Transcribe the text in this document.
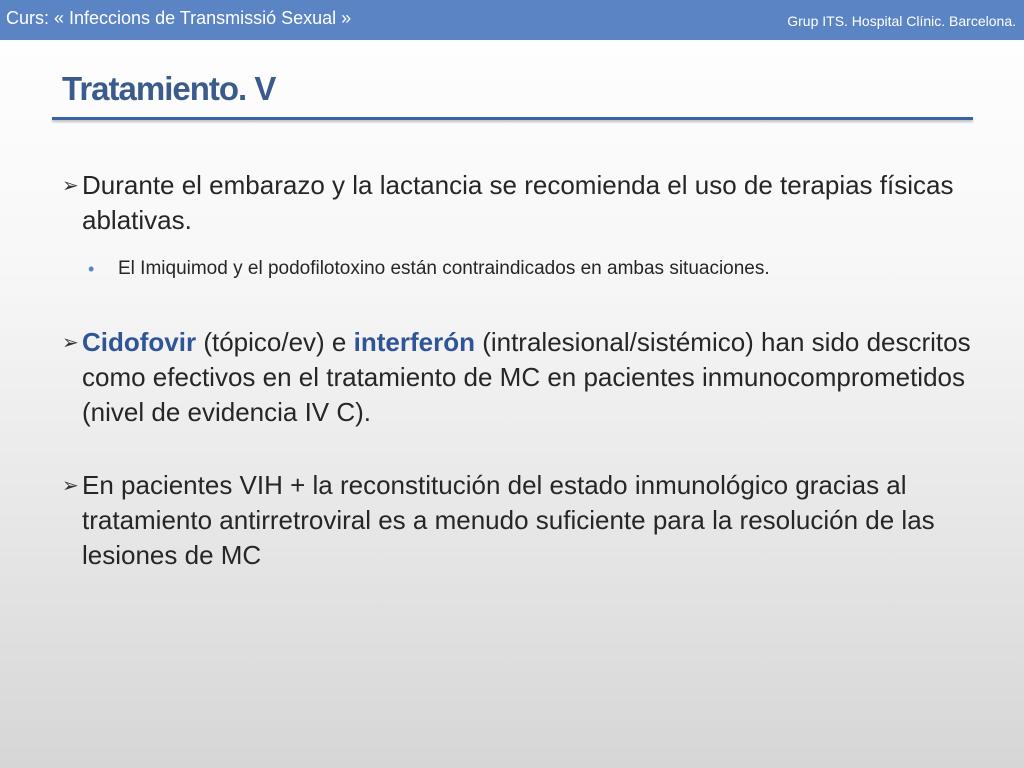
Curs: « Infeccions de Transmissió Sexual »	Grup ITS. Hospital Clínic. Barcelona.
Tratamiento. V
➢ Durante el embarazo y la lactancia se recomienda el uso de terapias físicas ablativas.
• El Imiquimod y el podofilotoxino están contraindicados en ambas situaciones.
➢ Cidofovir (tópico/ev) e interferón (intralesional/sistémico) han sido descritos como efectivos en el tratamiento de MC en pacientes inmunocomprometidos (nivel de evidencia IV C).
➢ En pacientes VIH + la reconstitución del estado inmunológico gracias al tratamiento antirretroviral es a menudo suficiente para la resolución de las lesiones de MC
